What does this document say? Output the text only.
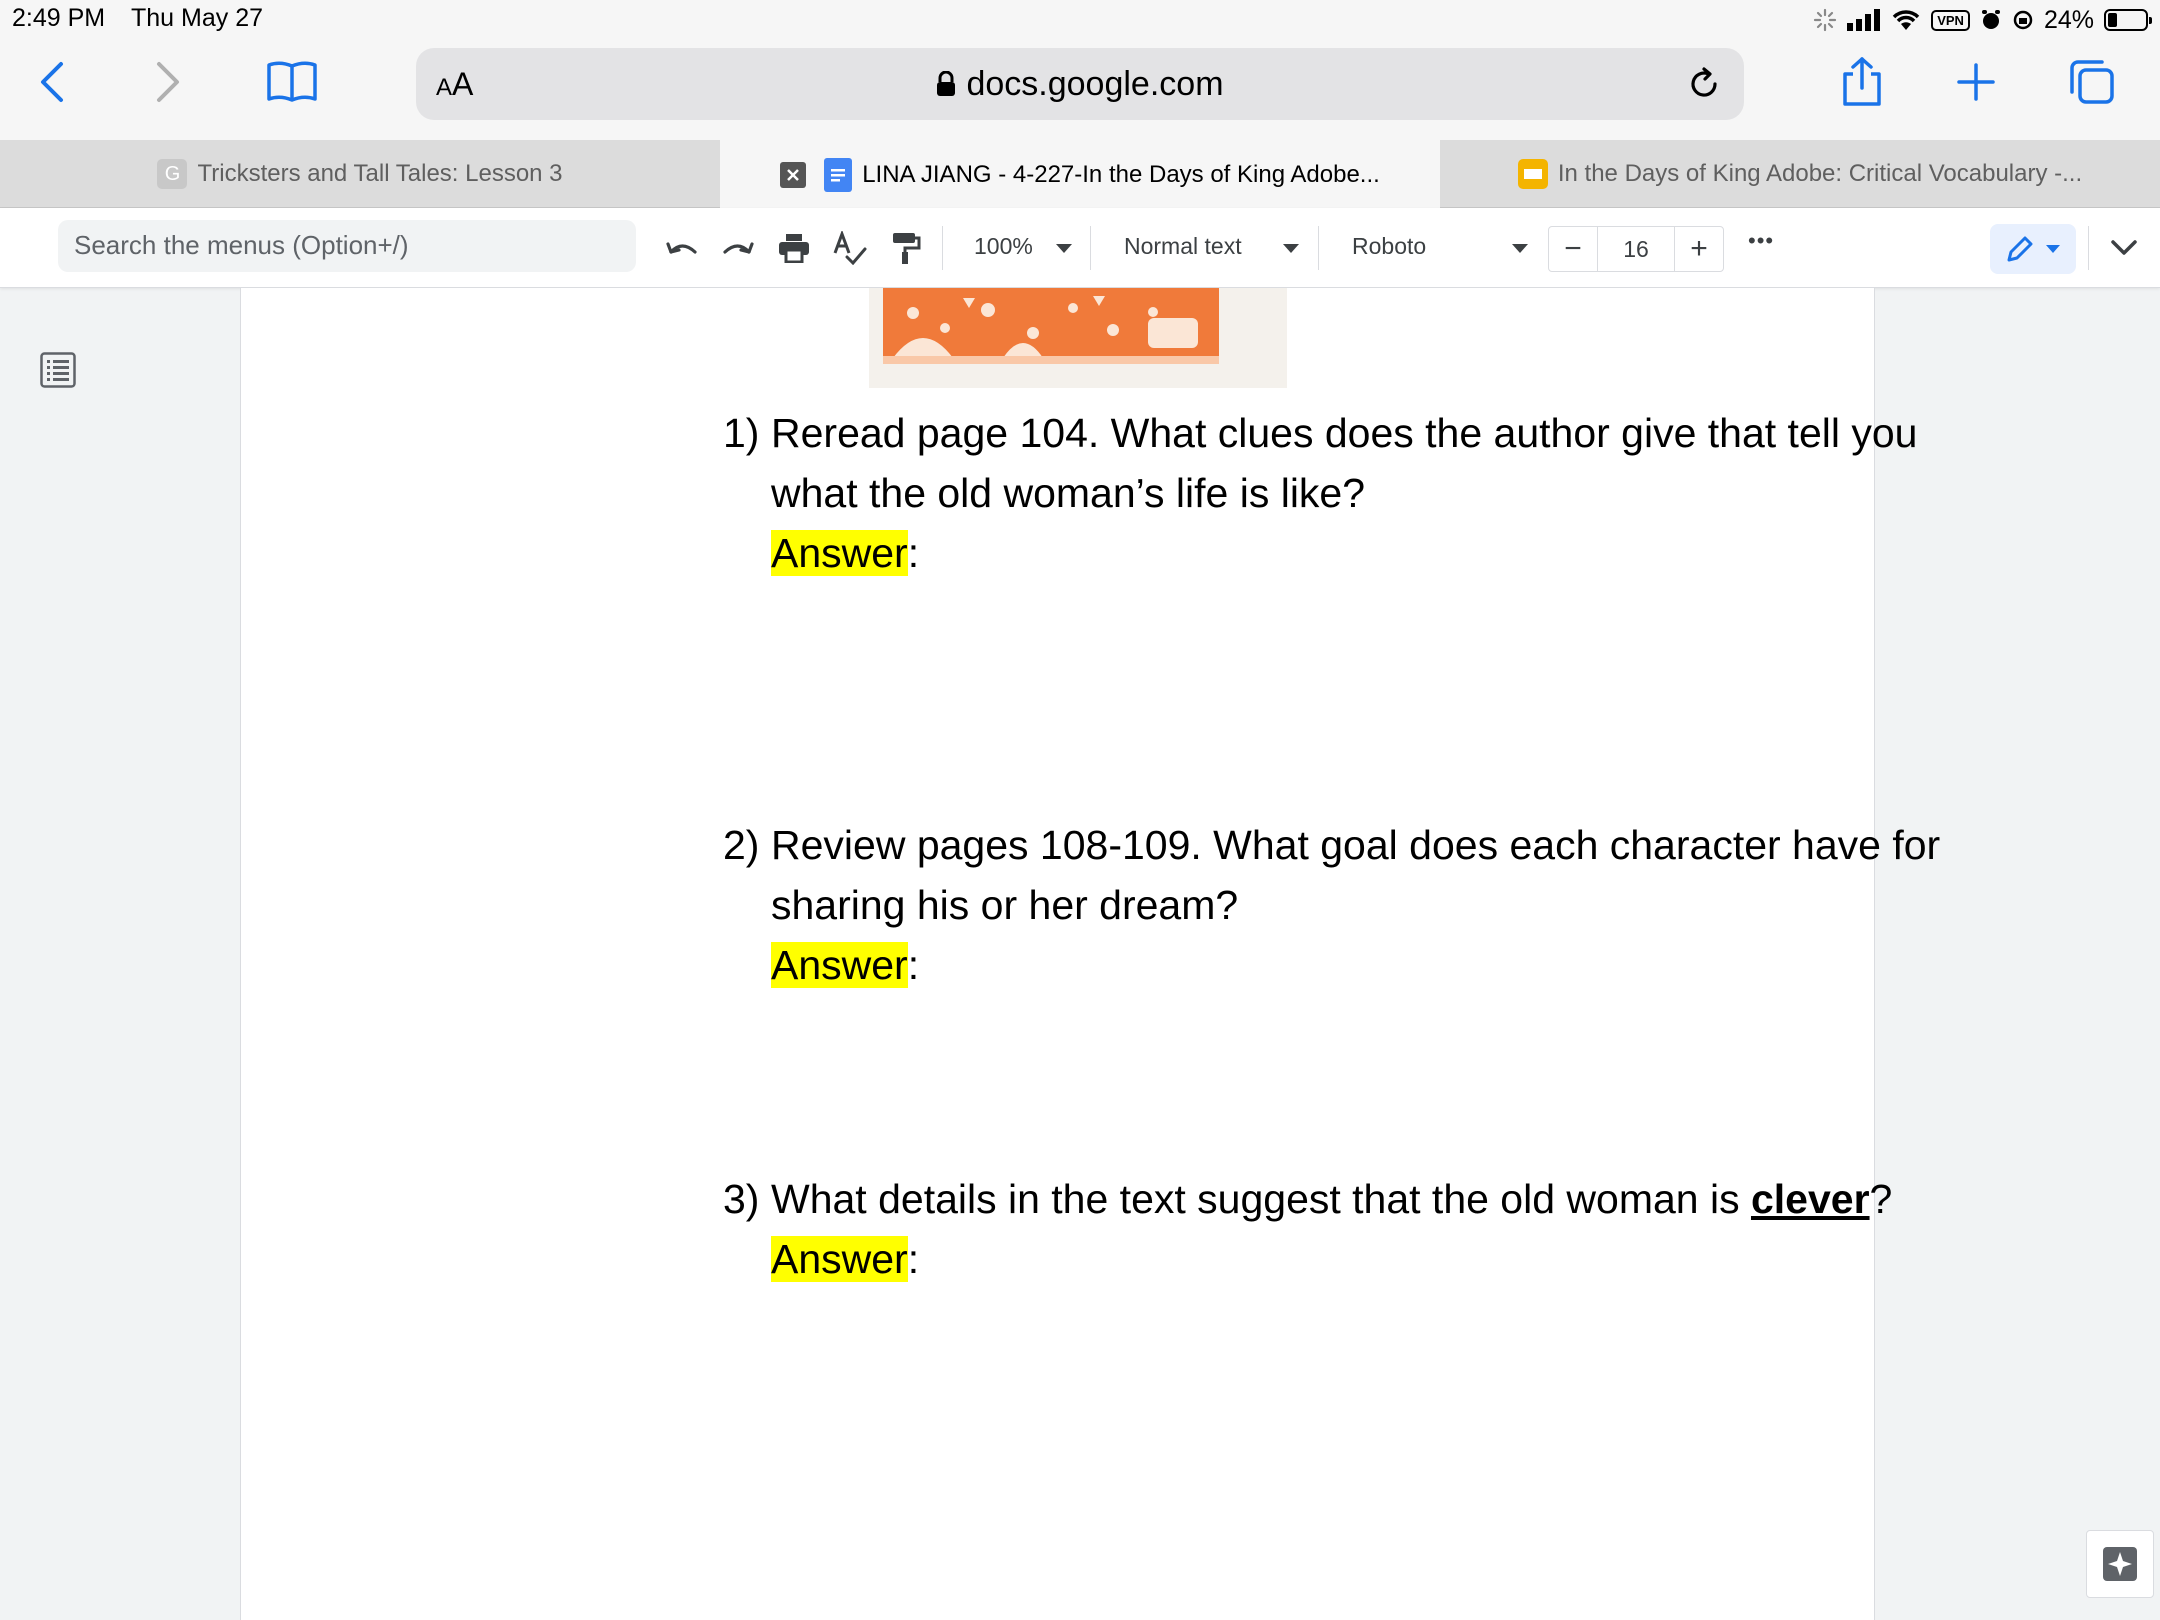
2:49 PM Thu May 27	VPN	24%
AA	docs.google.com
G Tricksters and Tall Tales: Lesson 3	LINA JIANG - 4-227-In the Days of King Adobe...	In the Days of King Adobe: Critical Vocabulary -...
Search the menus (Option+/)	100%	Normal text	Roboto	−	16	+	•••
1) Reread page 104. What clues does the author give that tell you what the old woman’s life is like?
Answer:
2) Review pages 108-109. What goal does each character have for sharing his or her dream?
Answer:
3) What details in the text suggest that the old woman is clever?
Answer:
